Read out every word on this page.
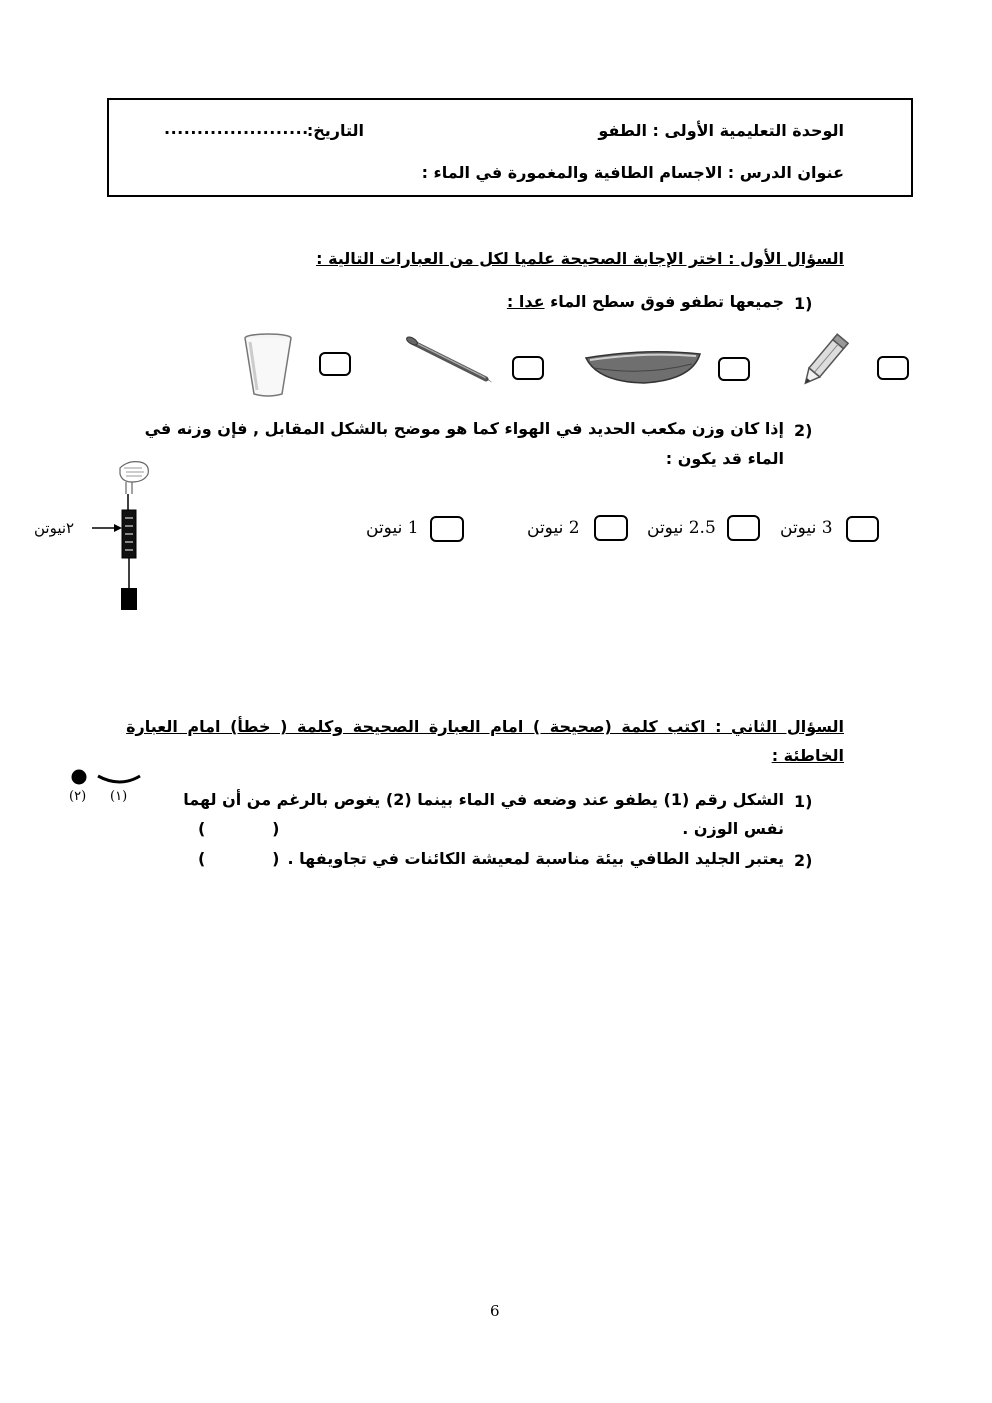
الوحدة التعليمية الأولى : الطفو
التاريخ:
......................
عنوان الدرس : الاجسام الطافية والمغمورة في الماء :
السؤال الأول : اختر الإجابة الصحيحة علميا لكل من العبارات التالية :
1)
جميعها تطفو فوق سطح الماء عدا :
2)
إذا كان وزن مكعب الحديد في الهواء كما هو موضح بالشكل المقابل , فإن وزنه في
الماء قد يكون :
٢نيوتن	3 نيوتن
2.5 نيوتن
2 نيوتن
1 نيوتن
السؤال الثاني : اكتب كلمة (صحيحة ) امام العبارة الصحيحة وكلمة ( خطأ) امام العبارة
الخاطئة :
(١)
(٢)	1)
الشكل رقم (1) يطفو عند وضعه في الماء بينما (2) يغوص بالرغم من أن لهما
نفس الوزن .
(            )
2)
يعتبر الجليد الطافي بيئة مناسبة لمعيشة الكائنات في تجاويفها .
(            )
6
